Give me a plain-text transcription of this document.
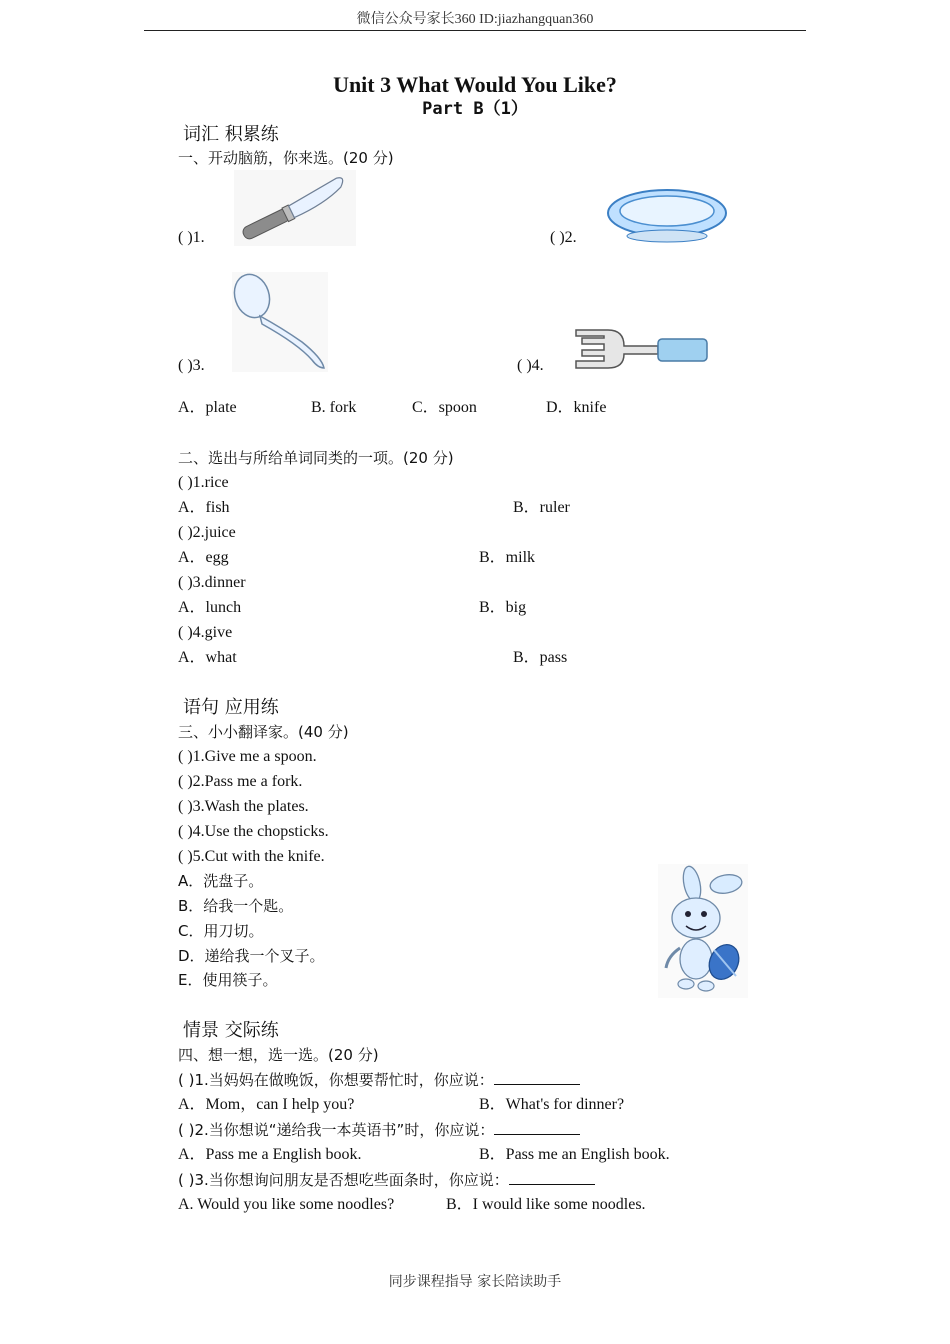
微信公众号家长360 ID:jiazhangquan360
Unit 3 What Would You Like?
Part B（1）
词汇 积累练
一、开动脑筋，你来选。(20 分)
( )1.	( )2.
( )3.	( )4.
A．plate	B. fork	C．spoon	D．knife
二、选出与所给单词同类的一项。(20 分)
( )1.rice
A．fish	B．ruler
( )2.juice
A．egg	B．milk
( )3.dinner
A．lunch	B．big
( )4.give
A．what	B．pass
语句 应用练
三、小小翻译家。(40 分)
( )1.Give me a spoon.
( )2.Pass me a fork.
( )3.Wash the plates.
( )4.Use the chopsticks.
( )5.Cut with the knife.
A．洗盘子。
B．给我一个匙。
C．用刀切。
D．递给我一个叉子。
E．使用筷子。
情景 交际练
四、想一想，选一选。(20 分)
( )1.当妈妈在做晚饭，你想要帮忙时，你应说：
A．Mom，can I help you?	B．What's for dinner?
( )2.当你想说“递给我一本英语书”时，你应说：
A．Pass me a English book.	B．Pass me an English book.
( )3.当你想询问朋友是否想吃些面条时，你应说：
A. Would you like some noodles?	B．I would like some noodles.
同步课程指导 家长陪读助手
